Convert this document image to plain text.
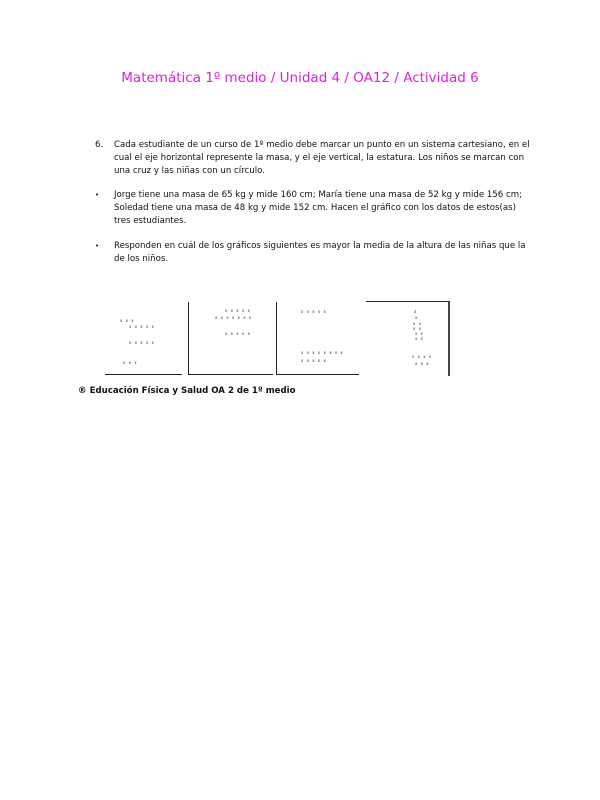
Matemática 1º medio / Unidad 4 / OA12 / Actividad 6
6.	Cada estudiante de un curso de 1º medio debe marcar un punto en un sistema cartesiano, en el cual el eje horizontal represente la masa, y el eje vertical, la estatura. Los niños se marcan con una cruz y las niñas con un círculo.
•	Jorge tiene una masa de 65 kg y mide 160 cm; María tiene una masa de 52 kg y mide 156 cm; Soledad tiene una masa de 48 kg y mide 152 cm. Hacen el gráfico con los datos de estos(as) tres estudiantes.
•	Responden en cuál de los gráficos siguientes es mayor la media de la altura de las niñas que la de los niños.
x x x
x x x x x
x x x x x
x x x
x x x x x
x x x x x x x
x x x x x
x x x x x
x x x x x x x x
x x x x x
x
x
x x
x x
x x
x x
x x x x
x x x
® Educación Física y Salud OA 2 de 1º medio
